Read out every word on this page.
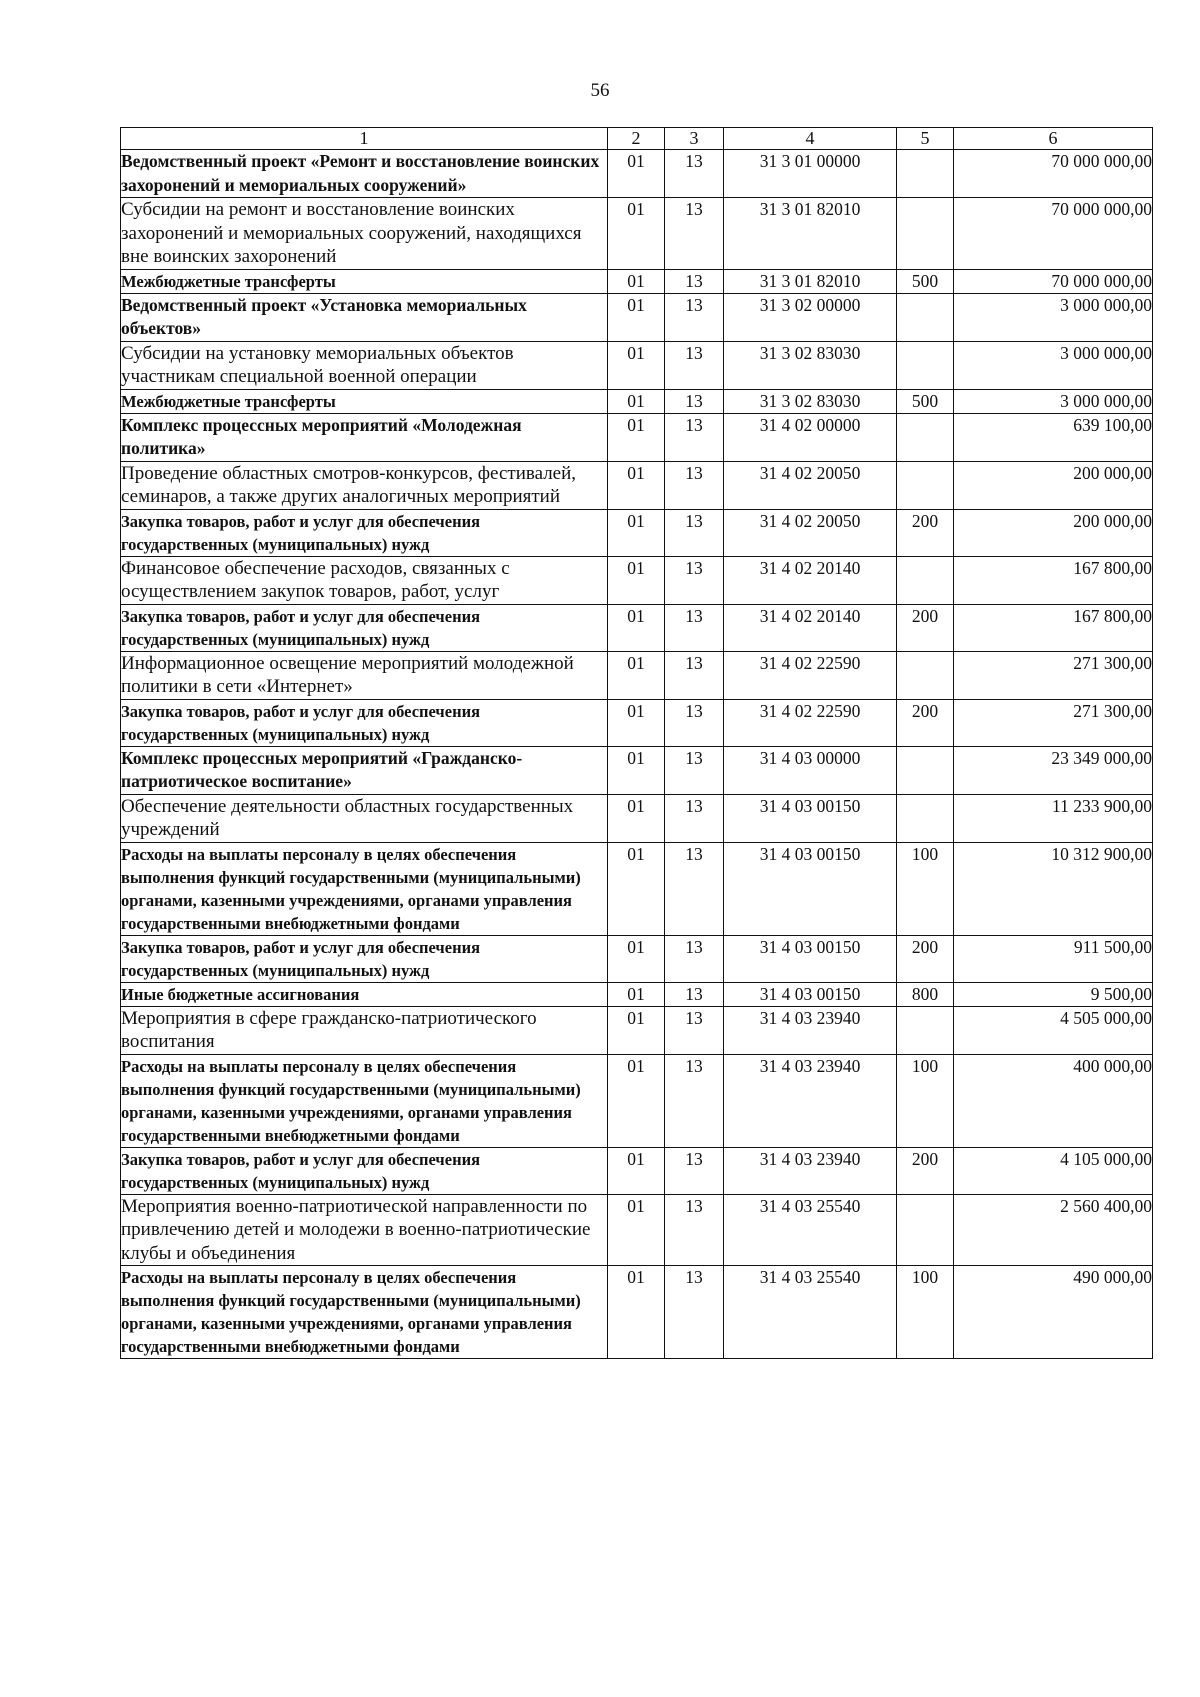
56
1	2	3	4	5	6
Ведомственный проект «Ремонт и восстановление воинских захоронений и мемориальных сооружений»	01	13	31 3 01 00000		70 000 000,00
Субсидии на ремонт и восстановление воинских захоронений и мемориальных сооружений, находящихся вне воинских захоронений	01	13	31 3 01 82010		70 000 000,00
Межбюджетные трансферты	01	13	31 3 01 82010	500	70 000 000,00
Ведомственный проект «Установка мемориальных объектов»	01	13	31 3 02 00000		3 000 000,00
Субсидии на установку мемориальных объектов участникам специальной военной операции	01	13	31 3 02 83030		3 000 000,00
Межбюджетные трансферты	01	13	31 3 02 83030	500	3 000 000,00
Комплекс процессных мероприятий «Молодежная политика»	01	13	31 4 02 00000		639 100,00
Проведение областных смотров-конкурсов, фестивалей, семинаров, а также других аналогичных мероприятий	01	13	31 4 02 20050		200 000,00
Закупка товаров, работ и услуг для обеспечения государственных (муниципальных) нужд	01	13	31 4 02 20050	200	200 000,00
Финансовое обеспечение расходов, связанных с осуществлением закупок товаров, работ, услуг	01	13	31 4 02 20140		167 800,00
Закупка товаров, работ и услуг для обеспечения государственных (муниципальных) нужд	01	13	31 4 02 20140	200	167 800,00
Информационное освещение мероприятий молодежной политики в сети «Интернет»	01	13	31 4 02 22590		271 300,00
Закупка товаров, работ и услуг для обеспечения государственных (муниципальных) нужд	01	13	31 4 02 22590	200	271 300,00
Комплекс процессных мероприятий «Гражданско-патриотическое воспитание»	01	13	31 4 03 00000		23 349 000,00
Обеспечение деятельности областных государственных учреждений	01	13	31 4 03 00150		11 233 900,00
Расходы на выплаты персоналу в целях обеспечения выполнения функций государственными (муниципальными) органами, казенными учреждениями, органами управления государственными внебюджетными фондами	01	13	31 4 03 00150	100	10 312 900,00
Закупка товаров, работ и услуг для обеспечения государственных (муниципальных) нужд	01	13	31 4 03 00150	200	911 500,00
Иные бюджетные ассигнования	01	13	31 4 03 00150	800	9 500,00
Мероприятия в сфере гражданско-патриотического воспитания	01	13	31 4 03 23940		4 505 000,00
Расходы на выплаты персоналу в целях обеспечения выполнения функций государственными (муниципальными) органами, казенными учреждениями, органами управления государственными внебюджетными фондами	01	13	31 4 03 23940	100	400 000,00
Закупка товаров, работ и услуг для обеспечения государственных (муниципальных) нужд	01	13	31 4 03 23940	200	4 105 000,00
Мероприятия военно-патриотической направленности по привлечению детей и молодежи в военно-патриотические клубы и объединения	01	13	31 4 03 25540		2 560 400,00
Расходы на выплаты персоналу в целях обеспечения выполнения функций государственными (муниципальными) органами, казенными учреждениями, органами управления государственными внебюджетными фондами	01	13	31 4 03 25540	100	490 000,00
